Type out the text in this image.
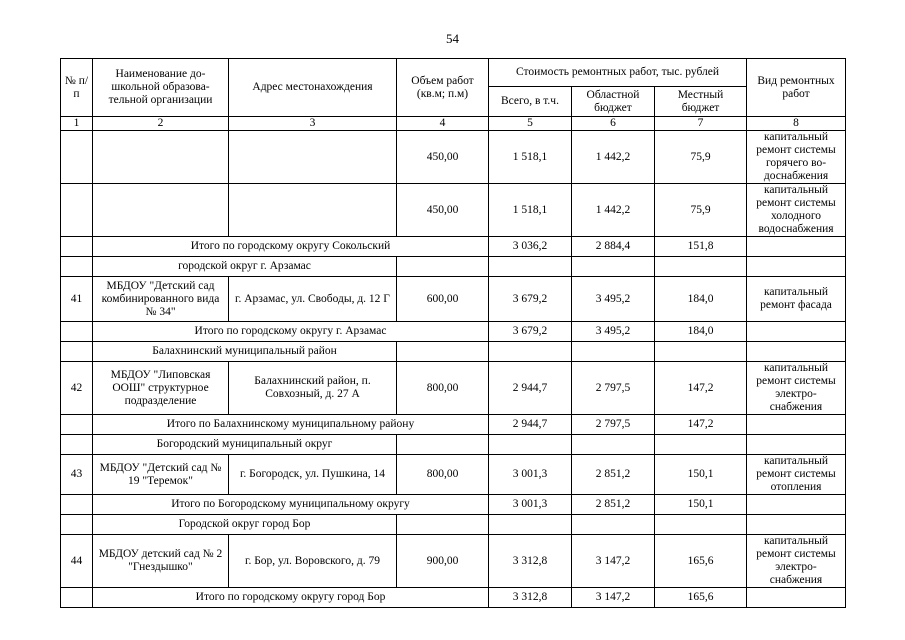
54
№ п/п	Наименование до-школьной образова-тельной организации	Адрес местонахождения	Объем работ (кв.м; п.м)	Стоимость ремонтных работ, тыс. рублей			Вид ремонтных работ
				Всего, в т.ч.	Областной бюджет	Местный бюджет	
1	2	3	4	5	6	7	8
			450,00	1 518,1	1 442,2	75,9	капитальный ремонт системы горячего во-доснабжения
			450,00	1 518,1	1 442,2	75,9	капитальный ремонт системы холодного водоснабжения
	Итого по городскому округу Сокольский			3 036,2	2 884,4	151,8	
	городской округ г. Арзамас						
41	МБДОУ "Детский сад комбинированного вида № 34"	г. Арзамас, ул. Свободы, д. 12 Г	600,00	3 679,2	3 495,2	184,0	капитальный ремонт фасада
	Итого по городскому округу г. Арзамас			3 679,2	3 495,2	184,0	
	Балахнинский муниципальный район						
42	МБДОУ "Липовская ООШ" структурное подразделение	Балахнинский район, п. Совхозный, д. 27 А	800,00	2 944,7	2 797,5	147,2	капитальный ремонт системы электро-снабжения
	Итого по Балахнинскому муниципальному району			2 944,7	2 797,5	147,2	
	Богородский муниципальный округ						
43	МБДОУ "Детский сад № 19 "Теремок"	г. Богородск, ул. Пушкина, 14	800,00	3 001,3	2 851,2	150,1	капитальный ремонт системы отопления
	Итого по Богородскому муниципальному округу			3 001,3	2 851,2	150,1	
	Городской округ город Бор						
44	МБДОУ детский сад № 2 "Гнездышко"	г. Бор, ул. Воровского, д. 79	900,00	3 312,8	3 147,2	165,6	капитальный ремонт системы электро-снабжения
	Итого по городскому округу город Бор			3 312,8	3 147,2	165,6	
